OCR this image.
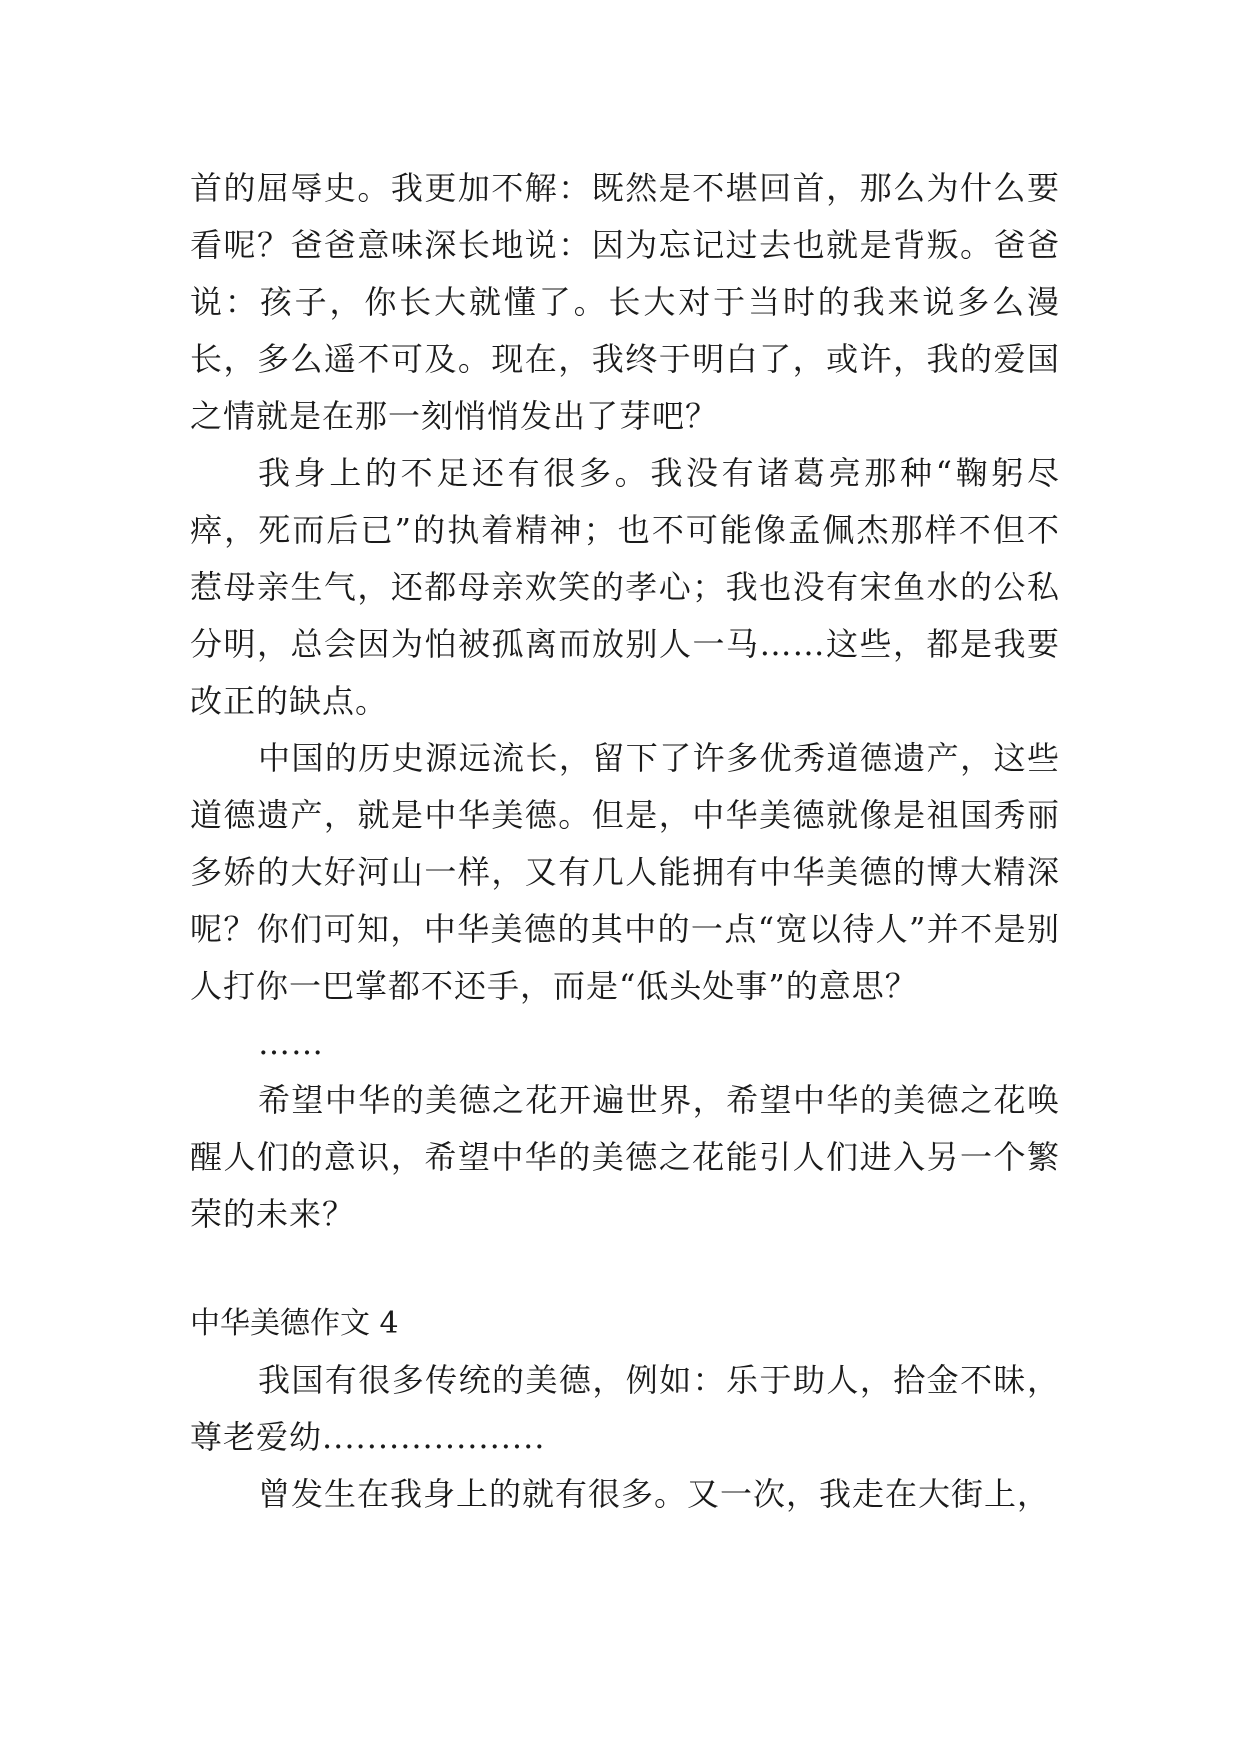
首的屈辱史。我更加不解：既然是不堪回首，那么为什么要看呢？爸爸意味深长地说：因为忘记过去也就是背叛。爸爸说：孩子，你长大就懂了。长大对于当时的我来说多么漫长，多么遥不可及。现在，我终于明白了，或许，我的爱国之情就是在那一刻悄悄发出了芽吧？

我身上的不足还有很多。我没有诸葛亮那种“鞠躬尽瘁，死而后已”的执着精神；也不可能像孟佩杰那样不但不惹母亲生气，还都母亲欢笑的孝心；我也没有宋鱼水的公私分明，总会因为怕被孤离而放别人一马……这些，都是我要改正的缺点。

中国的历史源远流长，留下了许多优秀道德遗产，这些道德遗产，就是中华美德。但是，中华美德就像是祖国秀丽多娇的大好河山一样，又有几人能拥有中华美德的博大精深呢？你们可知，中华美德的其中的一点“宽以待人”并不是别人打你一巴掌都不还手，而是“低头处事”的意思？

……

希望中华的美德之花开遍世界，希望中华的美德之花唤醒人们的意识，希望中华的美德之花能引人们进入另一个繁荣的未来？

中华美德作文 4

我国有很多传统的美德，例如：乐于助人，拾金不昧，尊老爱幼....................

曾发生在我身上的就有很多。又一次，我走在大街上，
